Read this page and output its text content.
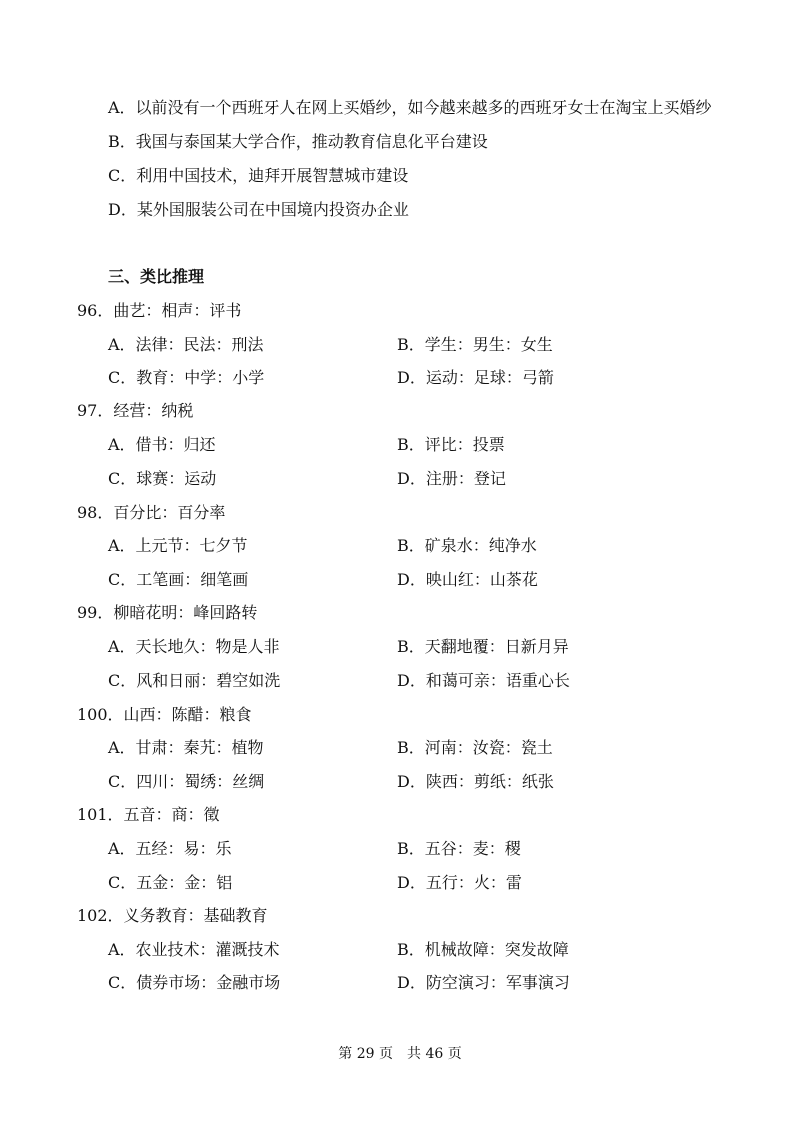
A．以前没有一个西班牙人在网上买婚纱，如今越来越多的西班牙女士在淘宝上买婚纱
B．我国与泰国某大学合作，推动教育信息化平台建设
C．利用中国技术，迪拜开展智慧城市建设
D．某外国服装公司在中国境内投资办企业
三、类比推理
96．曲艺：相声：评书
A．法律：民法：刑法	B．学生：男生：女生
C．教育：中学：小学	D．运动：足球：弓箭
97．经营：纳税
A．借书：归还	B．评比：投票
C．球赛：运动	D．注册：登记
98．百分比：百分率
A．上元节：七夕节	B．矿泉水：纯净水
C．工笔画：细笔画	D．映山红：山茶花
99．柳暗花明：峰回路转
A．天长地久：物是人非	B．天翻地覆：日新月异
C．风和日丽：碧空如洗	D．和蔼可亲：语重心长
100．山西：陈醋：粮食
A．甘肃：秦艽：植物	B．河南：汝瓷：瓷土
C．四川：蜀绣：丝绸	D．陕西：剪纸：纸张
101．五音：商：徵
A．五经：易：乐	B．五谷：麦：稷
C．五金：金：铝	D．五行：火：雷
102．义务教育：基础教育
A．农业技术：灌溉技术	B．机械故障：突发故障
C．债券市场：金融市场	D．防空演习：军事演习
第 29 页　共 46 页
